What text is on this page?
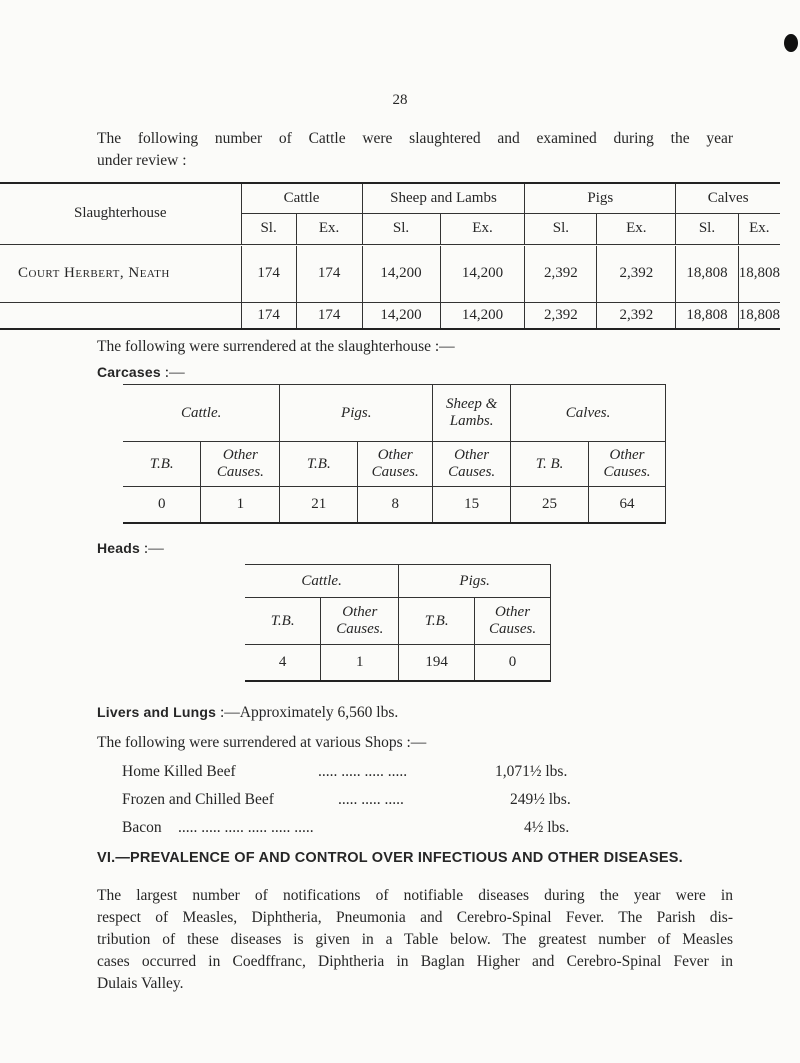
28
The following number of Cattle were slaughtered and examined during the year
under review :
Slaughterhouse	Cattle		Sheep and Lambs		Pigs		Calves	
	Sl.	Ex.	Sl.	Ex.	Sl.	Ex.	Sl.	Ex.

Court Herbert, Neath	174	174	14,200	14,200	2,392	2,392	18,808	18,808
	174	174	14,200	14,200	2,392	2,392	18,808	18,808
The following were surrendered at the slaughterhouse :—
Carcases :—
Cattle.		Pigs.		Sheep & Lambs.	Calves.	
T.B.	Other Causes.	T.B.	Other Causes.	Other Causes.	T. B.	Other Causes.
0	1	21	8	15	25	64
Heads :—
Cattle.		Pigs.	
T.B.	Other Causes.	T.B.	Other Causes.
4	1	194	0
Livers and Lungs :—Approximately 6,560 lbs.
The following were surrendered at various Shops :—
Home Killed Beef	..... ..... ..... .....	1,071½ lbs.
Frozen and Chilled Beef	..... ..... .....	249½ lbs.
Bacon ..... ..... ..... ..... ..... .....	4½ lbs.
VI.—PREVALENCE OF AND CONTROL OVER INFECTIOUS AND OTHER DISEASES.
The largest number of notifications of notifiable diseases during the year were in
respect of Measles, Diphtheria, Pneumonia and Cerebro-Spinal Fever. The Parish dis-
tribution of these diseases is given in a Table below. The greatest number of Measles
cases occurred in Coedffranc, Diphtheria in Baglan Higher and Cerebro-Spinal Fever in
Dulais Valley.
